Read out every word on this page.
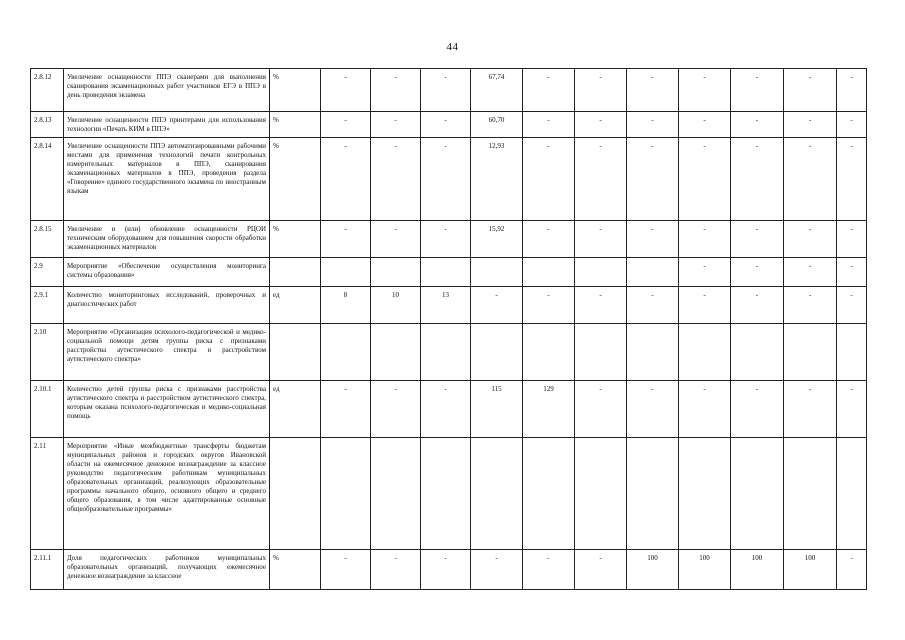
44
2.8.12	Увеличение оснащенности ППЭ сканерами для выполнения сканирования экзаменационных работ участников ЕГЭ в ППЭ в день проведения экзамена	%	-	-	-	67,74	-	-	-	-	-	-	-
2.8.13	Увеличение оснащенности ППЭ принтерами для использования технологии «Печать КИМ в ППЭ»	%	-	-	-	60,70	-	-	-	-	-	-	-
2.8.14	Увеличение оснащенности ППЭ автоматизированными рабочими местами для применения технологий печати контрольных измерительных материалов в ППЭ, сканирования экзаменационных материалов в ППЭ, проведения раздела «Говорение» единого государственного экзамена по иностранным языкам	%	-	-	-	12,93	-	-	-	-	-	-	-
2.8.15	Увеличение и (или) обновление оснащенности РЦОИ техническим оборудованием для повышения скорости обработки экзаменационных материалов	%	-	-	-	15,92	-	-	-	-	-	-	-
2.9	Мероприятие «Обеспечение осуществления мониторинга системы образования»									-	-	-	-
2.9.1	Количество мониторинговых исследований, проверочных и диагностических работ	ед	8	10	13	-	-	-	-	-	-	-	-
2.10	Мероприятие «Организация психолого-педагогической и медико-социальной помощи детям группы риска с признаками расстройства аутистического спектра и расстройством аутистического спектра»												
2.10.1	Количество детей группы риска с признаками расстройства аутистического спектра и расстройством аутистического спектра, которым оказана психолого-педагогическая и медико-социальная помощь	ед	-	-	-	115	129	-	-	-	-	-	-
2.11	Мероприятие «Иные межбюджетные трансферты бюджетам муниципальных районов и городских округов Ивановской области на ежемесячное денежное вознаграждение за классное руководство педагогическим работникам муниципальных образовательных организаций, реализующих образовательные программы начального общего, основного общего и среднего общего образования, в том числе адаптированные основные общеобразовательные программы»												
2.11.1	Доля педагогических работников муниципальных образовательных организаций, получающих ежемесячное денежное вознаграждение за классное	%	-	-	-	-	-	-	100	100	100	100	-
